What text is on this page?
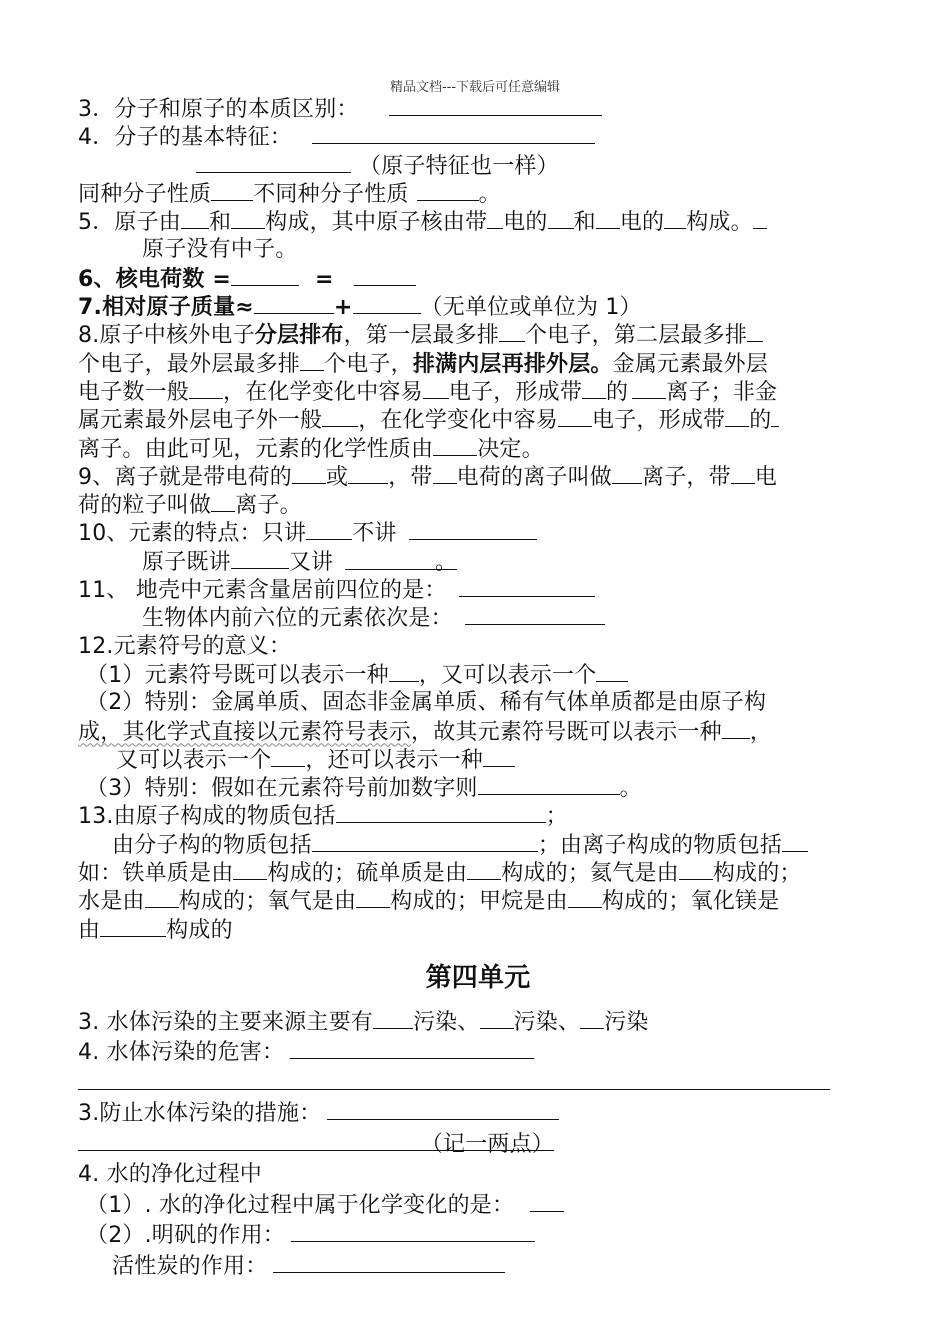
精品文档---下载后可任意编辑
3．分子和原子的本质区别：
4．分子的基本特征：
（原子特征也一样）
同种分子性质 不同种分子性质	。
5．原子由 和 构成，其中原子核由带 电的 和 电的 构成。
原子没有中子。
6、核电荷数 =	=
7.相对原子质量≈	+	（无单位或单位为 1）
8.原子中核外电子分层排布，第一层最多排 个电子，第二层最多排
个电子，最外层最多排 个电子，排满内层再排外层。金属元素最外层
电子数一般 ，在化学变化中容易 电子，形成带 的 离子；非金
属元素最外层电子外一般 ，在化学变化中容易 电子，形成带 的
离子。由此可见，元素的化学性质由 决定。
9、离子就是带电荷的 或 ，带 电荷的离子叫做 离子，带 电
荷的粒子叫做 离子。
10、元素的特点：只讲 不讲
原子既讲	又讲	。
11、 地壳中元素含量居前四位的是：
生物体内前六位的元素依次是：
12.元素符号的意义：
（1）元素符号既可以表示一种 ，又可以表示一个
（2）特别：金属单质、固态非金属单质、稀有气体单质都是由原子构
成，其化学式直接以元素符号表示，故其元素符号既可以表示一种 ，
又可以表示一个 ，还可以表示一种
（3）特别：假如在元素符号前加数字则	。
13.由原子构成的物质包括	；
由分子构的物质包括	；由离子构成的物质包括
如：铁单质是由 构成的；硫单质是由 构成的；氦气是由 构成的；
水是由 构成的；氧气是由 构成的；甲烷是由 构成的；氧化镁是
由	构成的
第四单元
3. 水体污染的主要来源主要有 污染、 污染、 污染
4. 水体污染的危害：
3.防止水体污染的措施：
（记一两点）
4. 水的净化过程中
（1）. 水的净化过程中属于化学变化的是：
（2）.明矾的作用：
活性炭的作用：
